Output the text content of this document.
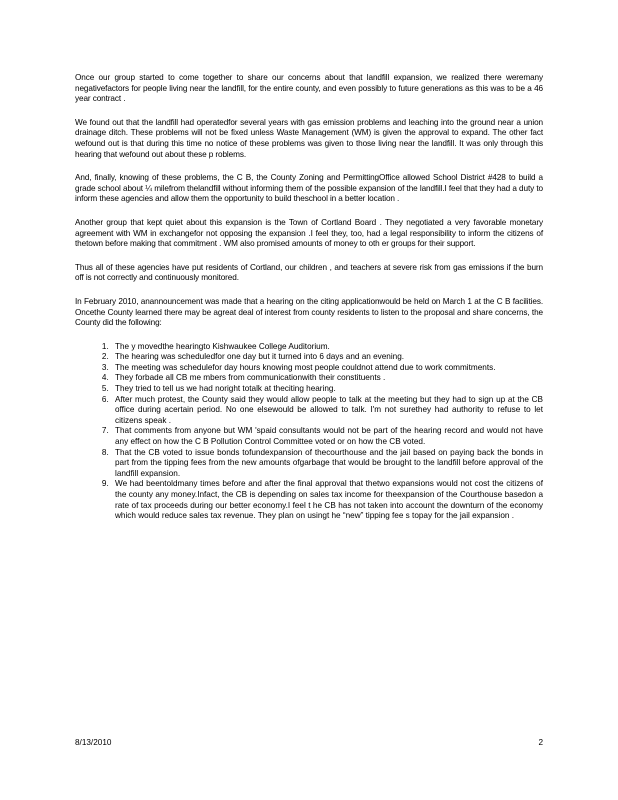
Once our group started to come together to share our concerns about that landfill expansion, we realized there weremany negativefactors for people living near the landfill, for the entire county, and even possibly to future generations as this was to be a 46 year contract .

We found out that the landfill had operatedfor several years with gas emission problems and leaching into the ground near a union drainage ditch. These problems will not be fixed unless Waste Management (WM) is given the approval to expand. The other fact wefound out is that during this time no notice of these problems was given to those living near the landfill. It was only through this hearing that wefound out about these p roblems.

And, finally, knowing of these problems, the C B, the County Zoning and PermittingOffice allowed School District #428 to build a grade school about ¼ milefrom thelandfill without informing them of the possible expansion of the landfill.I feel that they had a duty to inform these agencies and allow them the opportunity to build theschool in a better location .

Another group that kept quiet about this expansion is the Town of Cortland Board . They negotiated a very favorable monetary agreement with WM in exchangefor not opposing the expansion .I feel they, too, had a legal responsibility to inform the citizens of thetown before making that commitment . WM also promised amounts of money to oth er groups for their support.

Thus all of these agencies have put residents of Cortland, our children , and teachers at severe risk from gas emissions if the burn off is not correctly and continuously monitored.

In February 2010, anannouncement was made that a hearing on the citing applicationwould be held on March 1 at the C B facilities. Oncethe County learned there may be agreat deal of interest from county residents to listen to the proposal and share concerns, the County did the following:

1. The y movedthe hearingto Kishwaukee College Auditorium.
2. The hearing was scheduledfor one day but it turned into 6 days and an evening.
3. The meeting was schedulefor day hours knowing most people couldnot attend due to work commitments.
4. They forbade all CB me mbers from communicationwith their constituents .
5. They tried to tell us we had noright totalk at theciting hearing.
6. After much protest, the County said they would allow people to talk at the meeting but they had to sign up at the CB office during acertain period. No one elsewould be allowed to talk. I'm not surethey had authority to refuse to let citizens speak .
7. That comments from anyone but WM 'spaid consultants would not be part of the hearing record and would not have any effect on how the C B Pollution Control Committee voted or on how the CB voted.
8. That the CB voted to issue bonds tofundexpansion of thecourthouse and the jail based on paying back the bonds in part from the tipping fees from the new amounts ofgarbage that would be brought to the landfill before approval of the landfill expansion.
9. We had beentoldmany times before and after the final approval that thetwo expansions would not cost the citizens of the county any money.Infact, the CB is depending on sales tax income for theexpansion of the Courthouse basedon a rate of tax proceeds during our better economy.I feel t he CB has not taken into account the downturn of the economy which would reduce sales tax revenue. They plan on usingt he “new” tipping fee s topay for the jail expansion .
8/13/2010	2
